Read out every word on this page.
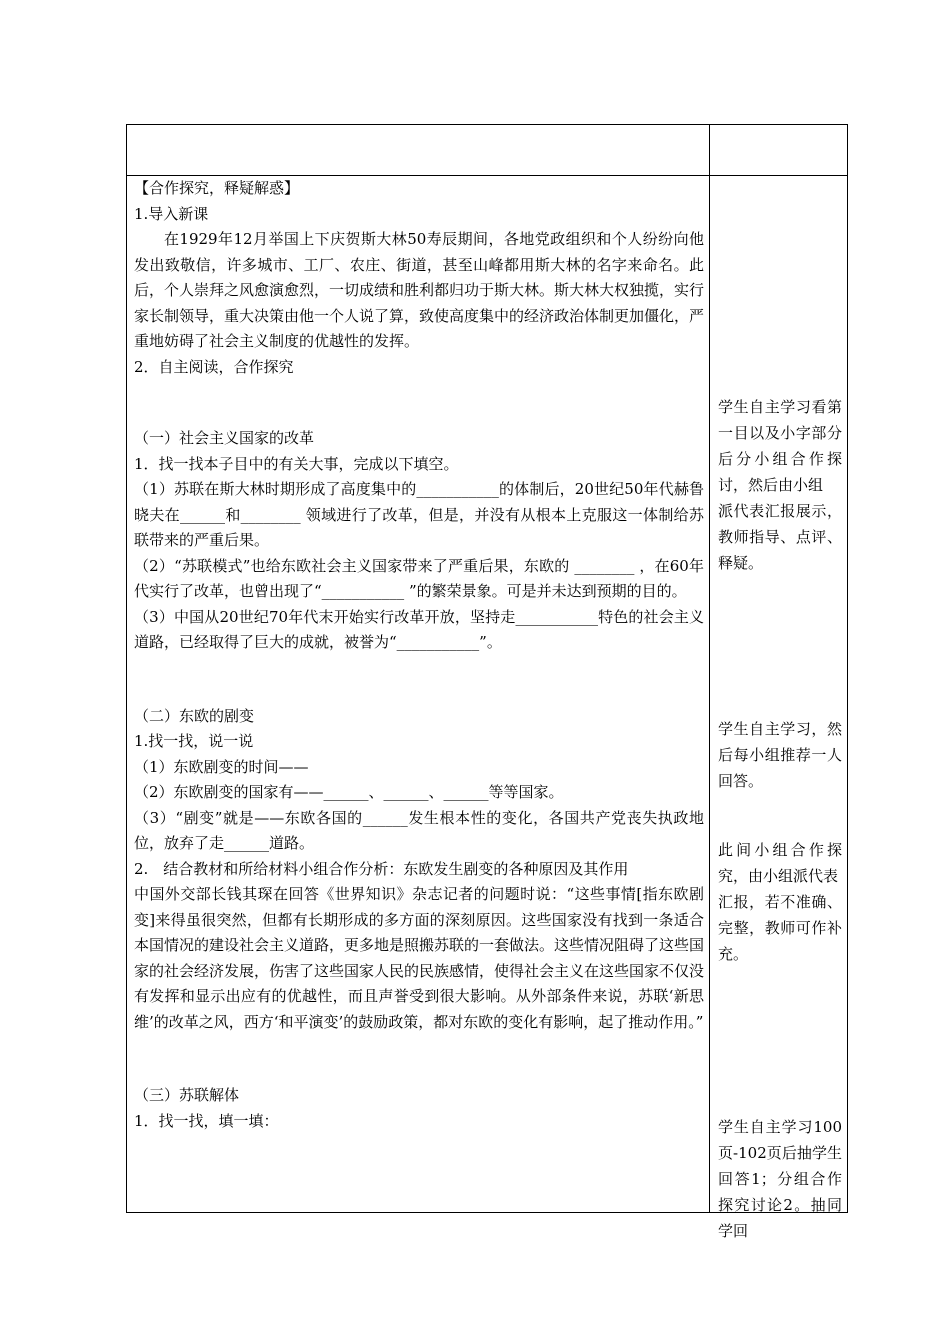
【合作探究，释疑解惑】

1.导入新课

在1929年12月举国上下庆贺斯大林50寿辰期间，各地党政组织和个人纷纷向他发出致敬信，许多城市、工厂、农庄、街道，甚至山峰都用斯大林的名字来命名。此后，个人崇拜之风愈演愈烈，一切成绩和胜利都归功于斯大林。斯大林大权独揽，实行家长制领导，重大决策由他一个人说了算，致使高度集中的经济政治体制更加僵化，严重地妨碍了社会主义制度的优越性的发挥。

2．自主阅读，合作探究

（一）社会主义国家的改革

1．找一找本子目中的有关大事，完成以下填空。

（1）苏联在斯大林时期形成了高度集中的___________的体制后，20世纪50年代赫鲁晓夫在______和________ 领域进行了改革，但是，并没有从根本上克服这一体制给苏联带来的严重后果。

（2）“苏联模式”也给东欧社会主义国家带来了严重后果，东欧的 ________ ，在60年代实行了改革，也曾出现了“___________ ”的繁荣景象。可是并未达到预期的目的。

（3）中国从20世纪70年代末开始实行改革开放，坚持走___________特色的社会主义道路，已经取得了巨大的成就，被誉为“___________”。

（二）东欧的剧变

1.找一找，说一说

（1）东欧剧变的时间——

（2）东欧剧变的国家有——______、______、______等等国家。

（3）“剧变”就是——东欧各国的______发生根本性的变化，各国共产党丧失执政地位，放弃了走______道路。

2.　结合教材和所给材料小组合作分析：东欧发生剧变的各种原因及其作用

中国外交部长钱其琛在回答《世界知识》杂志记者的问题时说：“这些事情[指东欧剧变]来得虽很突然，但都有长期形成的多方面的深刻原因。这些国家没有找到一条适合本国情况的建设社会主义道路，更多地是照搬苏联的一套做法。这些情况阻碍了这些国家的社会经济发展，伤害了这些国家人民的民族感情，使得社会主义在这些国家不仅没有发挥和显示出应有的优越性，而且声誉受到很大影响。从外部条件来说，苏联‘新思维’的改革之风，西方‘和平演变’的鼓励政策，都对东欧的变化有影响，起了推动作用。”

（三）苏联解体

1．找一找，填一填：

学生自主学习看第一目以及小字部分后分小组合作探讨，然后由小组

派代表汇报展示，

教师指导、点评、

释疑。

学生自主学习，然后每小组推荐一人回答。

此间小组合作探究，由小组派代表

汇报，若不准确、完整，教师可作补充。

学生自主学习100页-102页后抽学生回答1；分组合作探究讨论2。抽同学回
